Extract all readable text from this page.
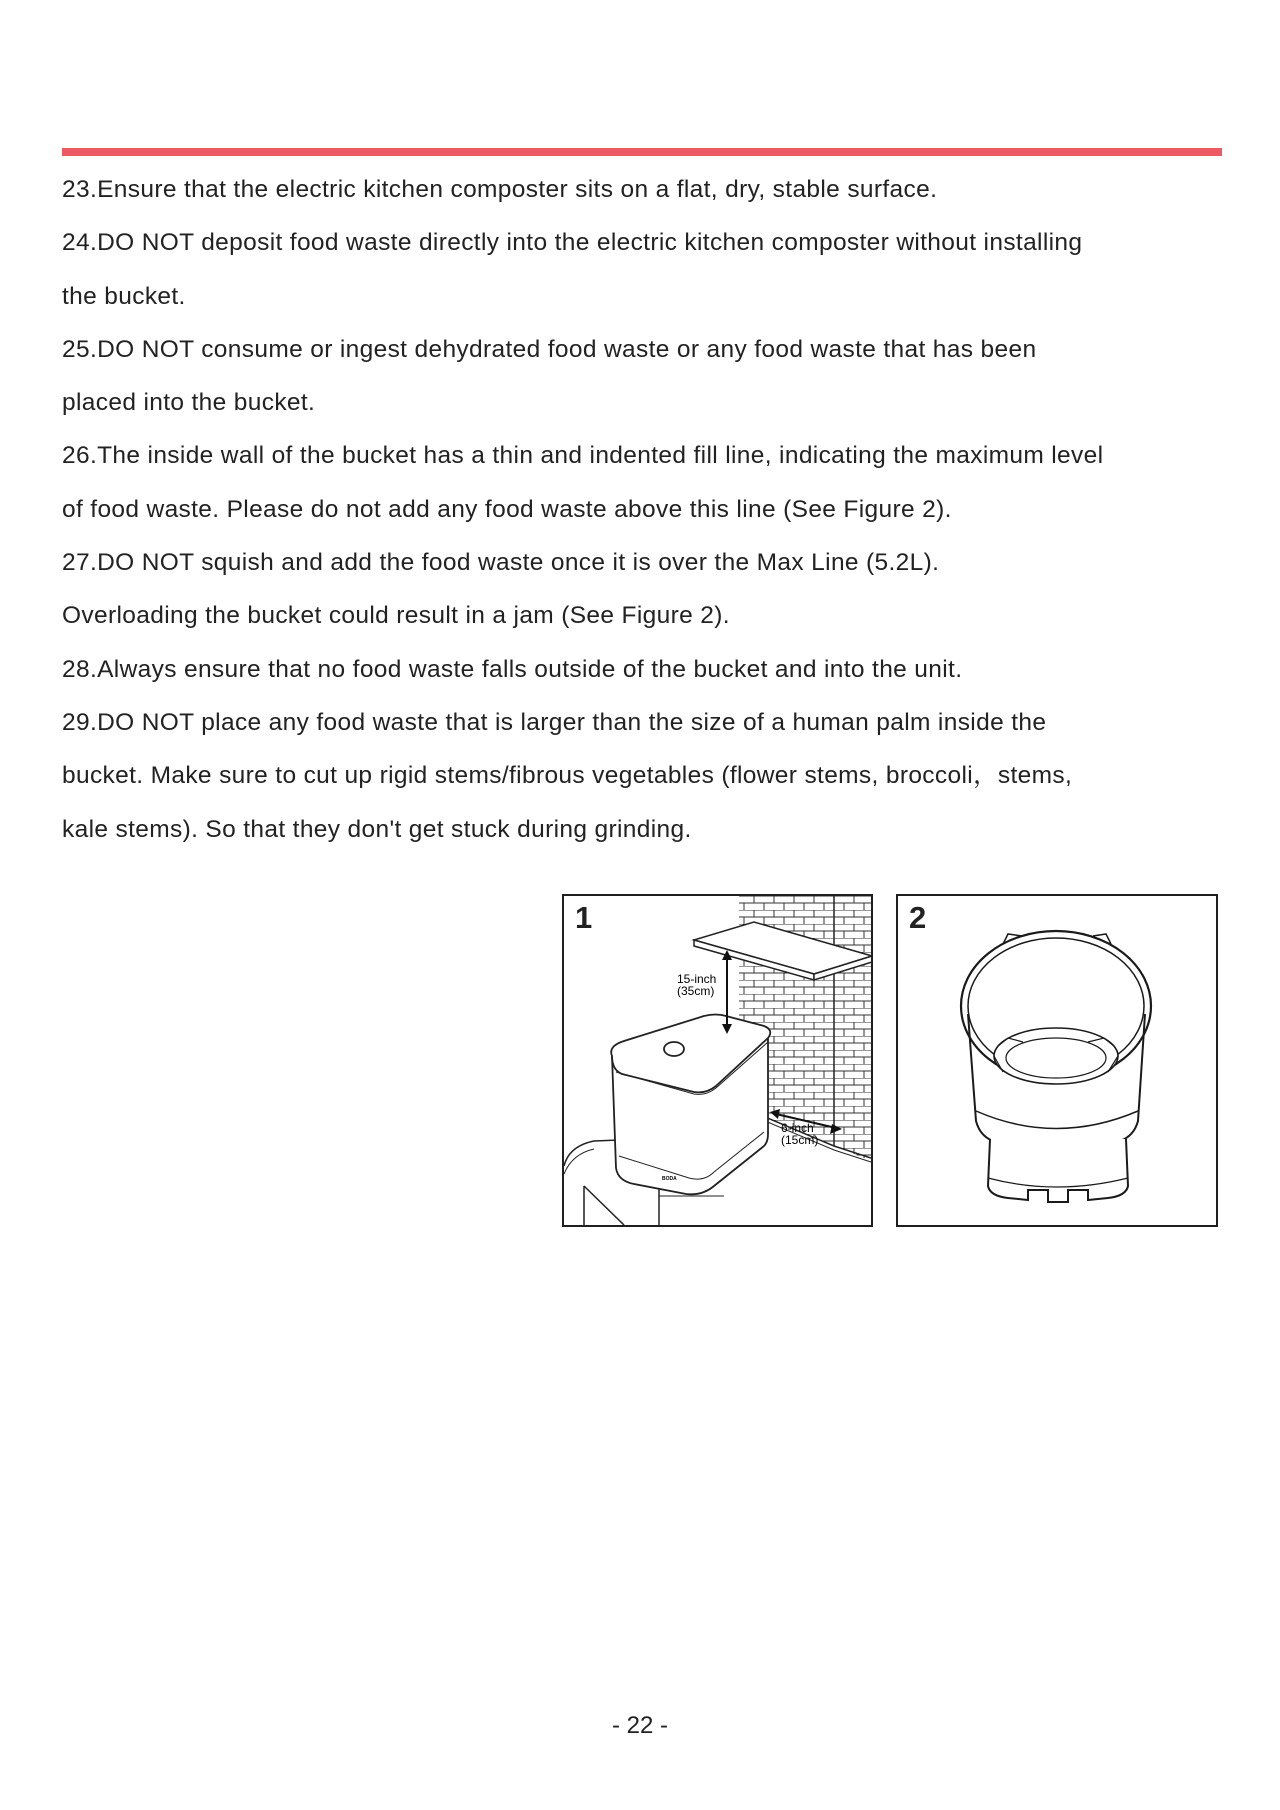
23.Ensure that the electric kitchen composter sits on a flat, dry, stable surface.
24.DO NOT deposit food waste directly into the electric kitchen composter without installing
the bucket.
25.DO NOT consume or ingest dehydrated food waste or any food waste that has been
placed into the bucket.
26.The inside wall of the bucket has a thin and indented fill line, indicating the maximum level
of food waste. Please do not add any food waste above this line (See Figure 2).
27.DO NOT squish and add the food waste once it is over the Max Line (5.2L).
Overloading the bucket could result in a jam (See Figure 2).
28.Always ensure that no food waste falls outside of the bucket and into the unit.
29.DO NOT place any food waste that is larger than the size of a human palm inside the
bucket. Make sure to cut up rigid stems/fibrous vegetables (flower stems, broccoli，stems,
kale stems). So that they don't get stuck during grinding.
BODA
15-inch
(35cm)
6-inch
(15cm)
1	2
- 22 -
